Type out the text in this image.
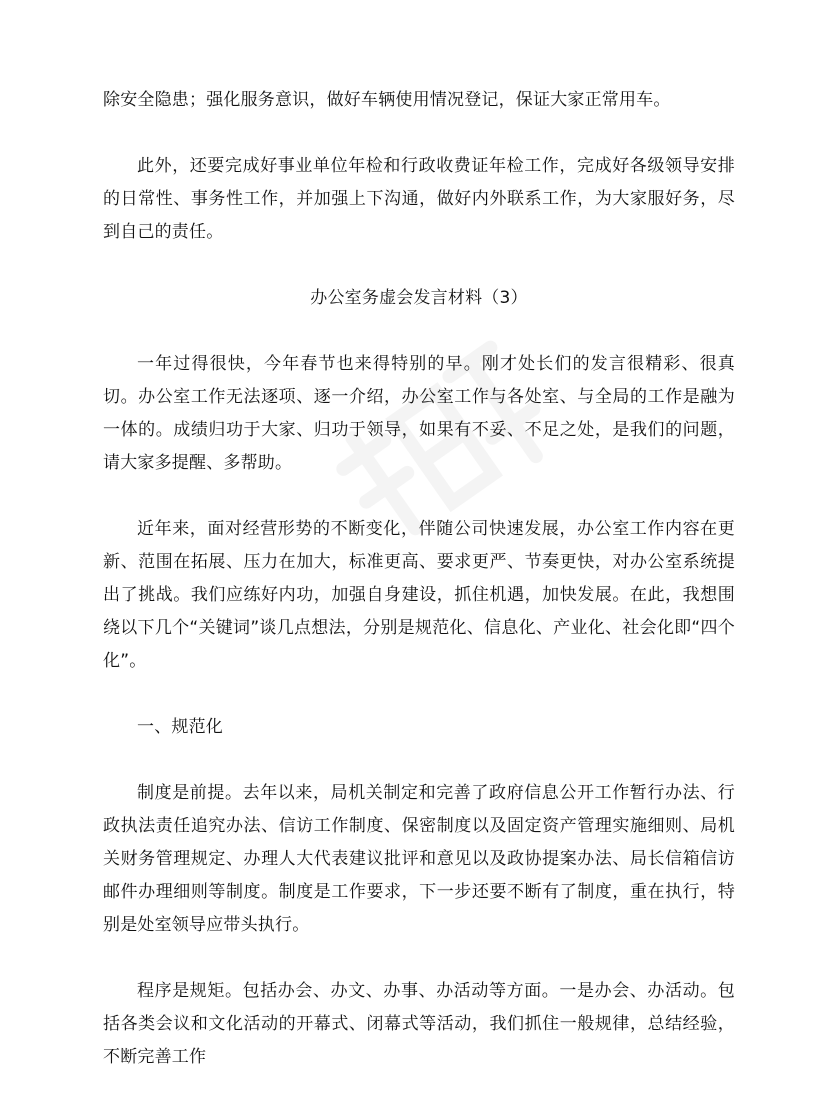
除安全隐患；强化服务意识，做好车辆使用情况登记，保证大家正常用车。

此外，还要完成好事业单位年检和行政收费证年检工作，完成好各级领导安排的日常性、事务性工作，并加强上下沟通，做好内外联系工作，为大家服好务，尽到自己的责任。

办公室务虚会发言材料（3）

一年过得很快，今年春节也来得特别的早。刚才处长们的发言很精彩、很真切。办公室工作无法逐项、逐一介绍，办公室工作与各处室、与全局的工作是融为一体的。成绩归功于大家、归功于领导，如果有不妥、不足之处，是我们的问题，请大家多提醒、多帮助。

近年来，面对经营形势的不断变化，伴随公司快速发展，办公室工作内容在更新、范围在拓展、压力在加大，标准更高、要求更严、节奏更快，对办公室系统提出了挑战。我们应练好内功，加强自身建设，抓住机遇，加快发展。在此，我想围绕以下几个“关键词”谈几点想法，分别是规范化、信息化、产业化、社会化即“四个化”。

一、规范化

制度是前提。去年以来，局机关制定和完善了政府信息公开工作暂行办法、行政执法责任追究办法、信访工作制度、保密制度以及固定资产管理实施细则、局机关财务管理规定、办理人大代表建议批评和意见以及政协提案办法、局长信箱信访邮件办理细则等制度。制度是工作要求，下一步还要不断有了制度，重在执行，特别是处室领导应带头执行。

程序是规矩。包括办会、办文、办事、办活动等方面。一是办会、办活动。包括各类会议和文化活动的开幕式、闭幕式等活动，我们抓住一般规律，总结经验，不断完善工作
